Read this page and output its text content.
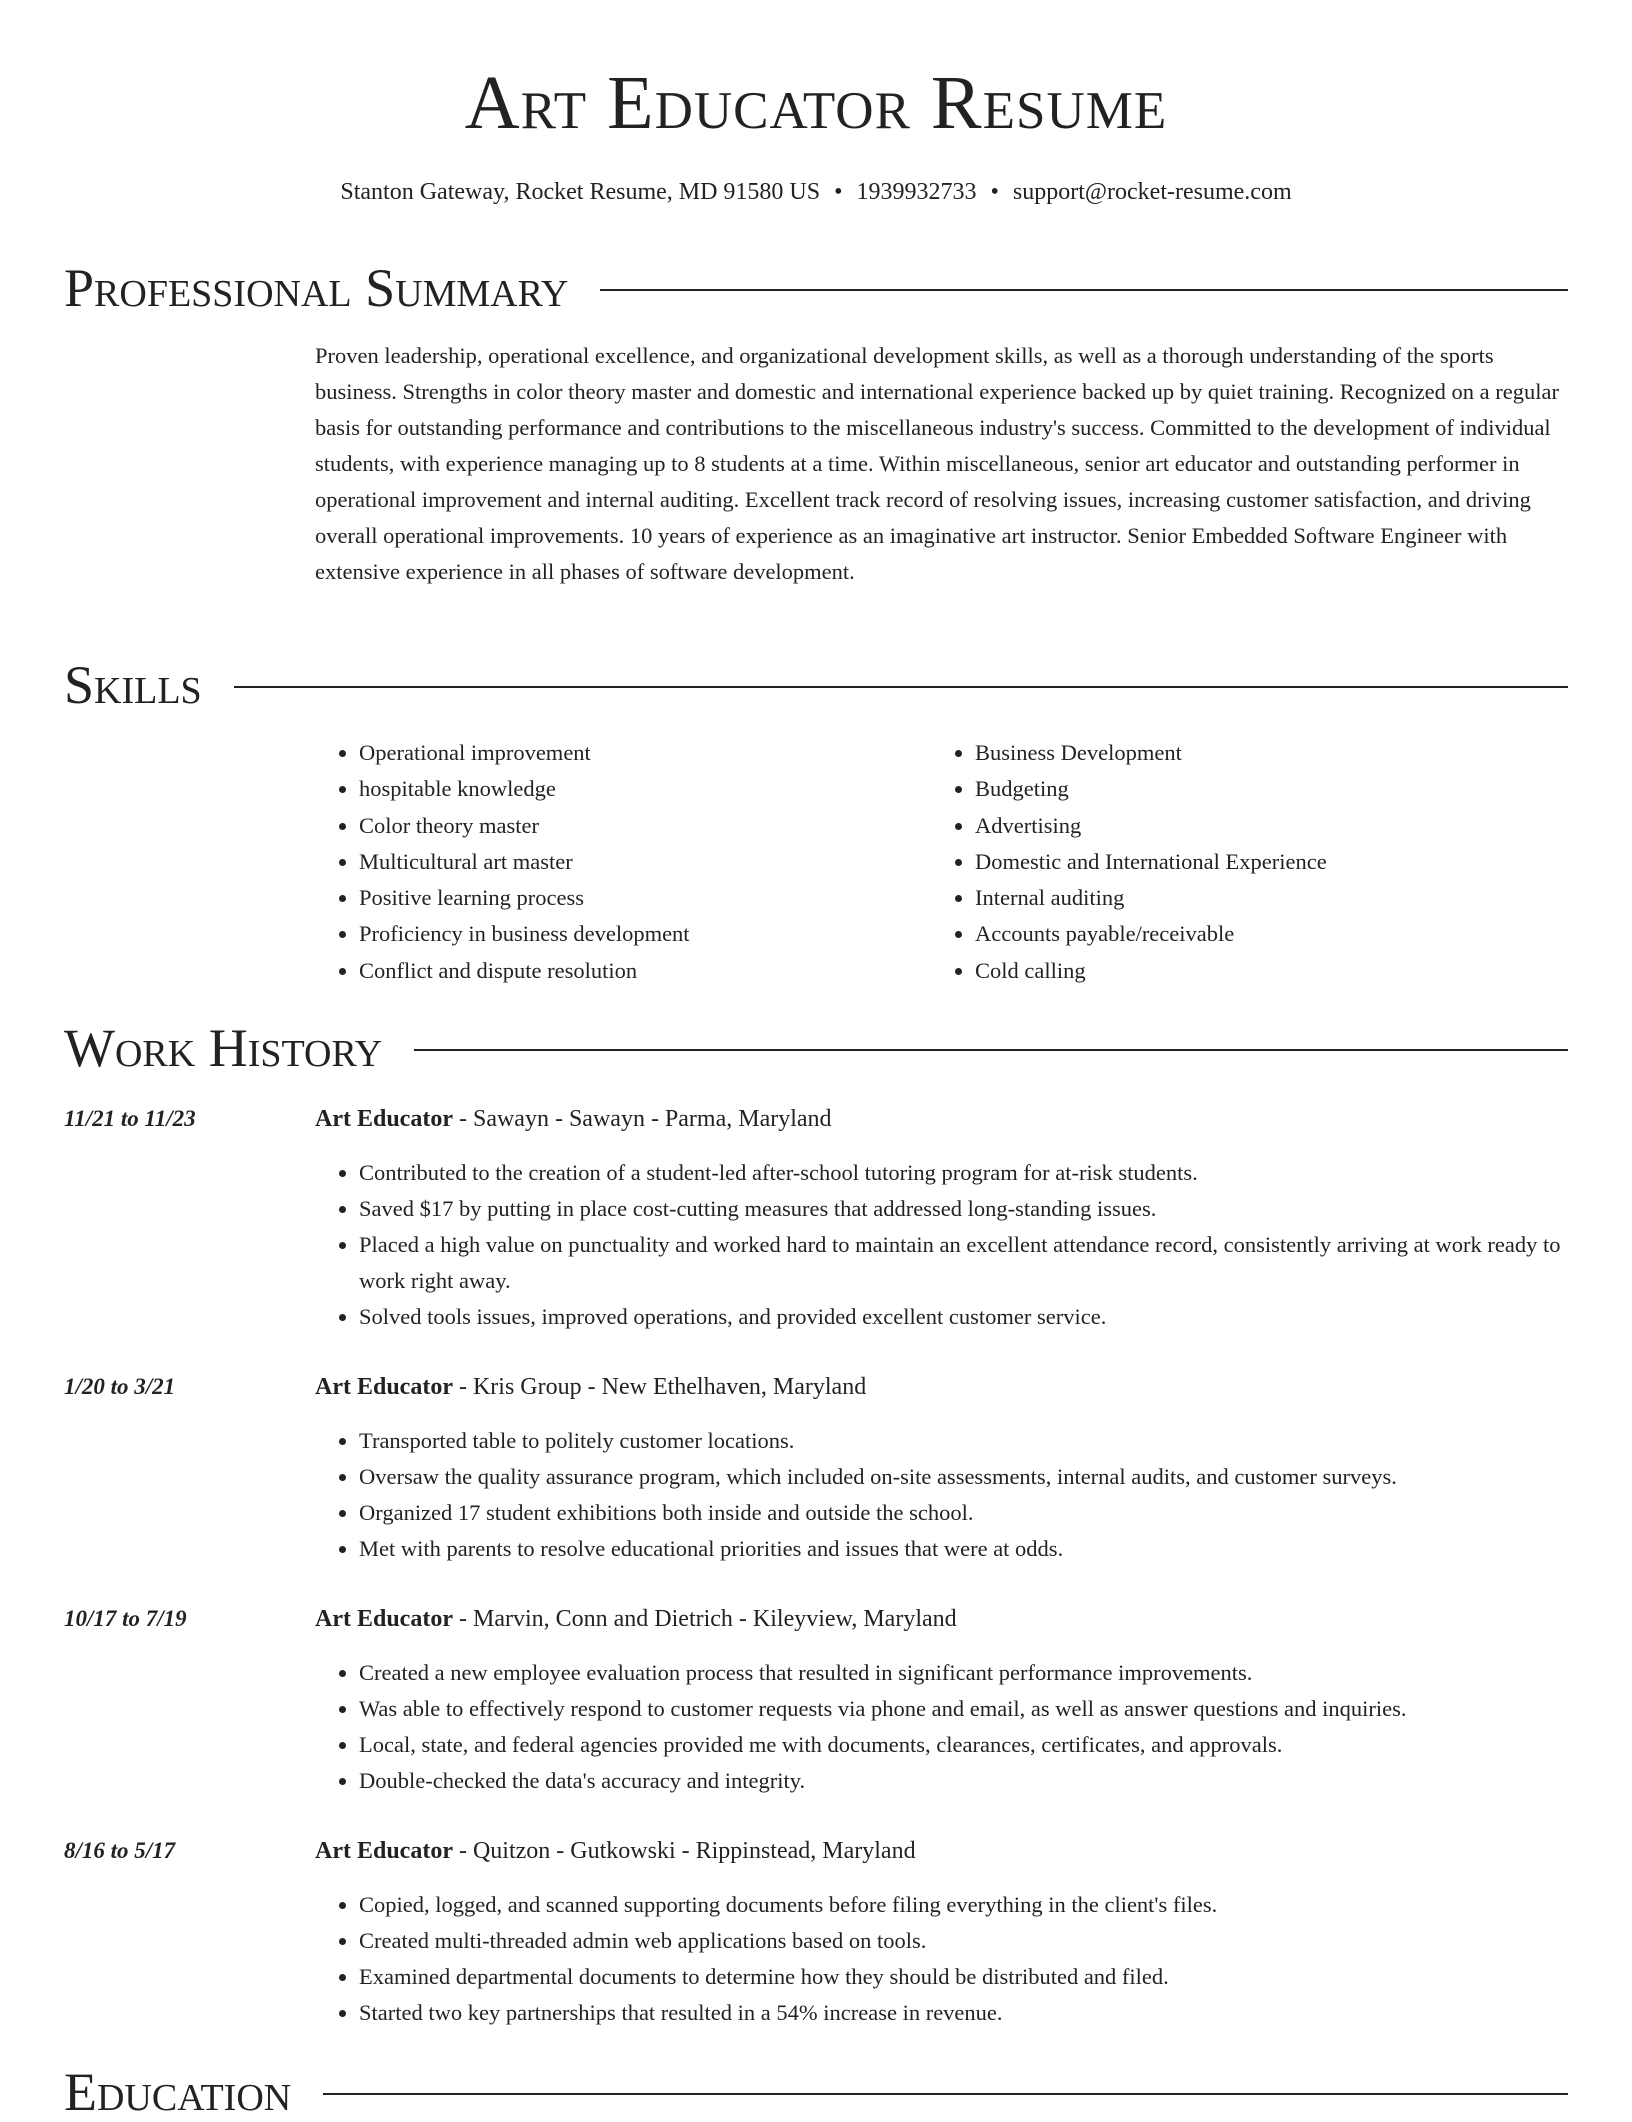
Art Educator Resume
Stanton Gateway, Rocket Resume, MD 91580 US • 1939932733 • support@rocket-resume.com
Professional Summary

Proven leadership, operational excellence, and organizational development skills, as well as a thorough understanding of the sports business. Strengths in color theory master and domestic and international experience backed up by quiet training. Recognized on a regular basis for outstanding performance and contributions to the miscellaneous industry's success. Committed to the development of individual students, with experience managing up to 8 students at a time. Within miscellaneous, senior art educator and outstanding performer in operational improvement and internal auditing. Excellent track record of resolving issues, increasing customer satisfaction, and driving overall operational improvements. 10 years of experience as an imaginative art instructor. Senior Embedded Software Engineer with extensive experience in all phases of software development.

Skills
• Operational improvement
• hospitable knowledge
• Color theory master
• Multicultural art master
• Positive learning process
• Proficiency in business development
• Conflict and dispute resolution
• Business Development
• Budgeting
• Advertising
• Domestic and International Experience
• Internal auditing
• Accounts payable/receivable
• Cold calling
Work History
11/21 to 11/23	Art Educator - Sawayn - Sawayn - Parma, Maryland
• Contributed to the creation of a student-led after-school tutoring program for at-risk students.
• Saved $17 by putting in place cost-cutting measures that addressed long-standing issues.
• Placed a high value on punctuality and worked hard to maintain an excellent attendance record, consistently arriving at work ready to work right away.
• Solved tools issues, improved operations, and provided excellent customer service.
1/20 to 3/21	Art Educator - Kris Group - New Ethelhaven, Maryland
• Transported table to politely customer locations.
• Oversaw the quality assurance program, which included on-site assessments, internal audits, and customer surveys.
• Organized 17 student exhibitions both inside and outside the school.
• Met with parents to resolve educational priorities and issues that were at odds.
10/17 to 7/19	Art Educator - Marvin, Conn and Dietrich - Kileyview, Maryland
• Created a new employee evaluation process that resulted in significant performance improvements.
• Was able to effectively respond to customer requests via phone and email, as well as answer questions and inquiries.
• Local, state, and federal agencies provided me with documents, clearances, certificates, and approvals.
• Double-checked the data's accuracy and integrity.
8/16 to 5/17	Art Educator - Quitzon - Gutkowski - Rippinstead, Maryland
• Copied, logged, and scanned supporting documents before filing everything in the client's files.
• Created multi-threaded admin web applications based on tools.
• Examined departmental documents to determine how they should be distributed and filed.
• Started two key partnerships that resulted in a 54% increase in revenue.
Education
